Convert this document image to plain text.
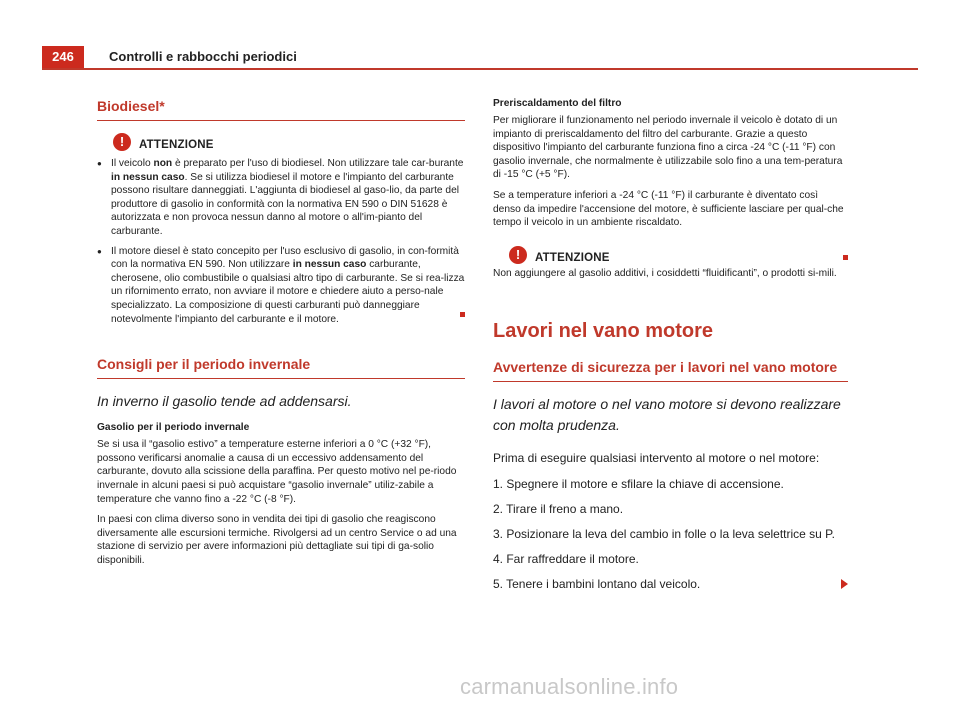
246	Controlli e rabbocchi periodici
Biodiesel*
!	ATTENZIONE

● Il veicolo non è preparato per l'uso di biodiesel. Non utilizzare tale car-burante in nessun caso. Se si utilizza biodiesel il motore e l'impianto del carburante possono risultare danneggiati. L'aggiunta di biodiesel al gaso-lio, da parte del produttore di gasolio in conformità con la normativa EN 590 o DIN 51628 è autorizzata e non provoca nessun danno al motore o all'im-pianto del carburante.

● Il motore diesel è stato concepito per l'uso esclusivo di gasolio, in con-formità con la normativa EN 590. Non utilizzare in nessun caso carburante, cherosene, olio combustibile o qualsiasi altro tipo di carburante. Se si rea-lizza un rifornimento errato, non avviare il motore e chiedere aiuto a perso-nale specializzato. La composizione di questi carburanti può danneggiare notevolmente l'impianto del carburante e il motore.

Consigli per il periodo invernale

In inverno il gasolio tende ad addensarsi.

Gasolio per il periodo invernale

Se si usa il “gasolio estivo” a temperature esterne inferiori a 0 °C (+32 °F), possono verificarsi anomalie a causa di un eccessivo addensamento del carburante, dovuto alla scissione della paraffina. Per questo motivo nel pe-riodo invernale in alcuni paesi si può acquistare “gasolio invernale” utiliz-zabile a temperature che vanno fino a -22 °C (-8 °F).

In paesi con clima diverso sono in vendita dei tipi di gasolio che reagiscono diversamente alle escursioni termiche. Rivolgersi ad un centro Service o ad una stazione di servizio per avere informazioni più dettagliate sui tipi di ga-solio disponibili.

Preriscaldamento del filtro

Per migliorare il funzionamento nel periodo invernale il veicolo è dotato di un impianto di preriscaldamento del filtro del carburante. Grazie a questo dispositivo l'impianto del carburante funziona fino a circa -24 °C (-11 °F) con gasolio invernale, che normalmente è utilizzabile solo fino a una tem-peratura di -15 °C (+5 °F).

Se a temperature inferiori a -24 °C (-11 °F) il carburante è diventato così denso da impedire l'accensione del motore, è sufficiente lasciare per qual-che tempo il veicolo in un ambiente riscaldato.

!	ATTENZIONE

Non aggiungere al gasolio additivi, i cosiddetti “fluidificanti”, o prodotti si-mili.

Lavori nel vano motore
Avvertenze di sicurezza per i lavori nel vano motore

I lavori al motore o nel vano motore si devono realizzare con molta prudenza.

Prima di eseguire qualsiasi intervento al motore o nel motore:

1. Spegnere il motore e sfilare la chiave di accensione.

2. Tirare il freno a mano.

3. Posizionare la leva del cambio in folle o la leva selettrice su P.

4. Far raffreddare il motore.

5. Tenere i bambini lontano dal veicolo.

carmanualsonline.info
